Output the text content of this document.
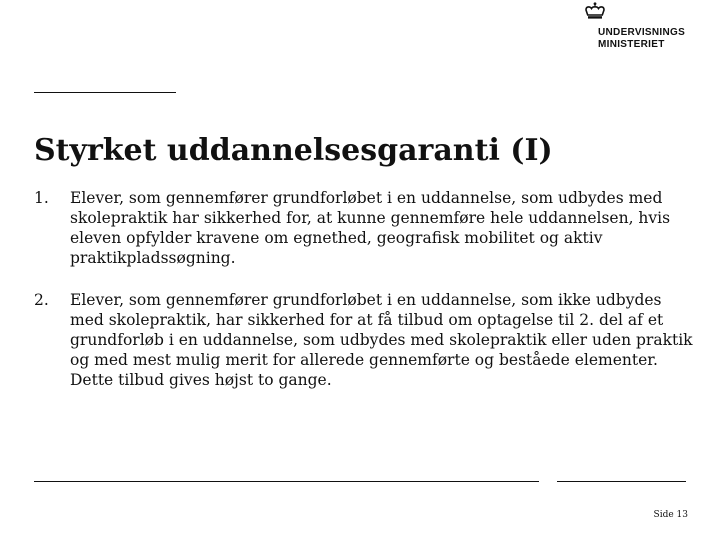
UNDERVISNINGS
MINISTERIET
Styrket uddannelsesgaranti (I)
1. Elever, som gennemfører grundforløbet i en uddannelse, som udbydes med skolepraktik har sikkerhed for, at kunne gennemføre hele uddannelsen, hvis eleven opfylder kravene om egnethed, geografisk mobilitet og aktiv praktikpladssøgning.
2. Elever, som gennemfører grundforløbet i en uddannelse, som ikke udbydes med skolepraktik, har sikkerhed for at få tilbud om optagelse til 2. del af et grundforløb i en uddannelse, som udbydes med skolepraktik eller uden praktik og med mest mulig merit for allerede gennemførte og beståede elementer. Dette tilbud gives højst to gange.
Side 13
